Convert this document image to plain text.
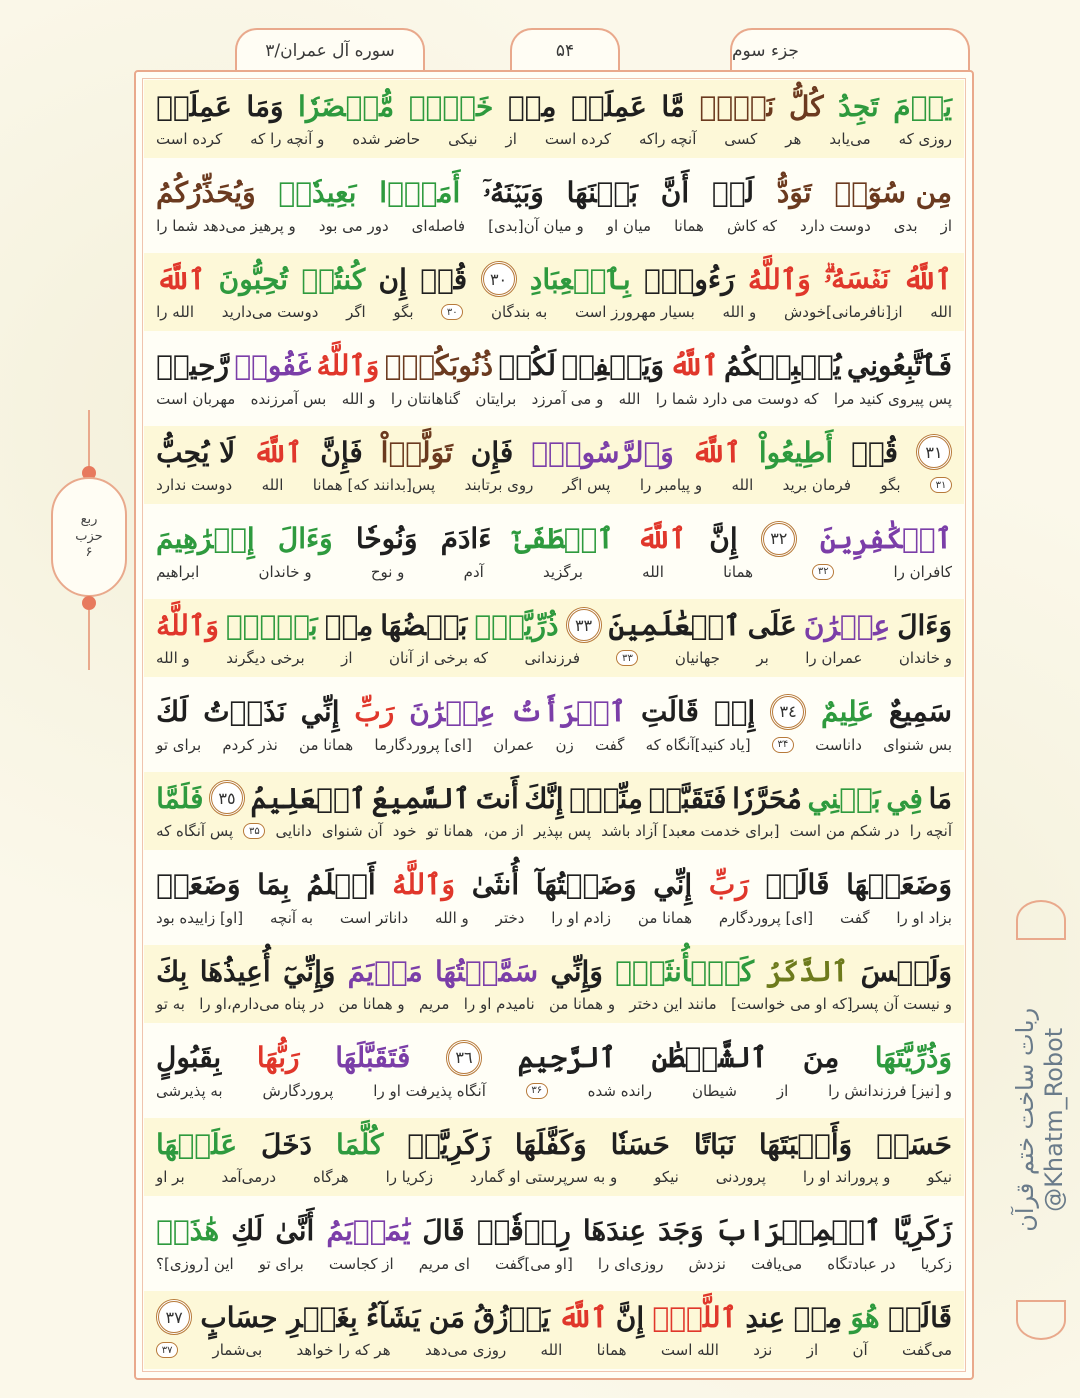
جزء سوم
۵۴
سوره آل عمران/۳
ربع
حزب
۶
يَوۡمَ
تَجِدُ
كُلُّ
نَفۡسٖ
مَّا
عَمِلَتۡ
مِنۡ
خَيۡرٖ
مُّحۡضَرٗا
وَمَا
عَمِلَتۡ
روزی که
می‌یابد
هر
کسی
آنچه راکه
کرده است
از
نیکی
حاضر شده
و آنچه را که
کرده است
مِن سُوٓءٖ
تَوَدُّ
لَوۡ
أَنَّ
بَيۡنَهَا
وَبَيۡنَهُۥٓ
أَمَدَۢا
بَعِيدٗاۗ
وَيُحَذِّرُكُمُ
از
بدی
دوست دارد
که کاش
همانا
میان او
و میان آن[بدی]
فاصله‌ای
دور می بود
و پرهیز می‌دهد شما را
ٱللَّهُ
نَفۡسَهُۥۗ
وَٱللَّهُ
رَءُوفُۢ
بِٱلۡعِبَادِ
٣٠
قُلۡ
إِن
كُنتُمۡ
تُحِبُّونَ
ٱللَّهَ
الله
از[نافرمانی]خودش
و الله
بسیار مهرورز است
به بندگان
۳۰
بگو
اگر
دوست می‌دارید
الله را
فَٱتَّبِعُونِي
يُحۡبِبۡكُمُ
ٱللَّهُ
وَيَغۡفِرۡ
لَكُمۡ
ذُنُوبَكُمۡۚ
وَٱللَّهُ
غَفُورٞ
رَّحِيمٞ
پس پیروی کنید مرا
که دوست می دارد شما را
الله
و می آمرزد
برایتان
گناهانتان را
و الله
بس آمرزنده
مهربان است
٣١
قُلۡ
أَطِيعُواْ
ٱللَّهَ
وَٱلرَّسُولَۖ
فَإِن
تَوَلَّوۡاْ
فَإِنَّ
ٱللَّهَ
لَا يُحِبُّ
۳۱
بگو
فرمان برید
الله
و پیامبر را
پس اگر
روی برتابند
پس[بدانند که] همانا
الله
دوست ندارد
ٱلۡكَٰفِرِينَ
٣٢
إِنَّ
ٱللَّهَ
ٱصۡطَفَىٰٓ
ءَادَمَ
وَنُوحٗا
وَءَالَ
إِبۡرَٰهِيمَ
کافران را
۳۲
همانا
الله
برگزید
آدم
و نوح
و خاندان
ابراهیم
وَءَالَ
عِمۡرَٰنَ
عَلَى
ٱلۡعَٰلَمِينَ
٣٣
ذُرِّيَّةَۢ
بَعۡضُهَا
مِنۢ
بَعۡضٖۗ
وَٱللَّهُ
و خاندان
عمران را
بر
جهانیان
۳۳
فرزندانی
که برخی از آنان
از
برخی دیگرند
و الله
سَمِيعٌ
عَلِيمٌ
٣٤
إِذۡ
قَالَتِ
ٱمۡرَأَتُ
عِمۡرَٰنَ
رَبِّ
إِنِّي
نَذَرۡتُ
لَكَ
بس شنوای
داناست
۳۴
[یاد کنید]آنگاه که
گفت
زن
عمران
[ای] پروردگارما
همانا من
نذر کردم
برای تو
مَا
فِي
بَطۡنِي
مُحَرَّرٗا
فَتَقَبَّلۡ
مِنِّيٓۖ
إِنَّكَ
أَنتَ
ٱلسَّمِيعُ
ٱلۡعَلِيمُ
٣٥
فَلَمَّا
آنچه را
در شکم من است
[برای خدمت معبد] آزاد باشد
پس بپذیر
از من،
همانا تو
خود
آن شنوای
دانایی
۳۵
پس آنگاه که
وَضَعَتۡهَا
قَالَتۡ
رَبِّ
إِنِّي
وَضَعۡتُهَآ
أُنثَىٰ
وَٱللَّهُ
أَعۡلَمُ
بِمَا
وَضَعَتۡ
بزاد او را
گفت
[ای] پروردگارم
همانا من
زادم او را
دختر
و الله
داناتر است
به آنچه
[او] زاییده بود
وَلَيۡسَ
ٱلذَّكَرُ
كَٱلۡأُنثَىٰۖ
وَإِنِّي
سَمَّيۡتُهَا
مَرۡيَمَ
وَإِنِّيٓ
أُعِيذُهَا
بِكَ
و نیست آن پسر[که او می خواست]
مانند این دختر
و همانا من
نامیدم او را
مریم
و همانا من
در پناه می‌دارم،او را
به تو
وَذُرِّيَّتَهَا
مِنَ
ٱلشَّيۡطَٰنِ
ٱلرَّجِيمِ
٣٦
فَتَقَبَّلَهَا
رَبُّهَا
بِقَبُولٍ
و [نیز] فرزندانش را
از
شیطان
رانده شده
۳۶
آنگاه پذیرفت او را
پروردگارش
به پذیرشی
حَسَنٖ
وَأَنۢبَتَهَا
نَبَاتًا
حَسَنٗا
وَكَفَّلَهَا
زَكَرِيَّاۖ
كُلَّمَا
دَخَلَ
عَلَيۡهَا
نیکو
و پروراند او را
پروردنی
نیکو
و به سرپرستی او گمارد
زکریا را
هرگاه
درمی‌آمد
بر او
زَكَرِيَّا
ٱلۡمِحۡرَابَ
وَجَدَ
عِندَهَا
رِزۡقٗاۖ
قَالَ
يَٰمَرۡيَمُ
أَنَّىٰ
لَكِ
هَٰذَاۖ
زکریا
در عبادتگاه
می‌یافت
نزدش
روزی‌ای را
[او می‌]گفت
ای مریم
از کجاست
برای تو
این [روزی]؟
قَالَتۡ
هُوَ
مِنۡ
عِندِ
ٱللَّهِۖ
إِنَّ
ٱللَّهَ
يَرۡزُقُ
مَن
يَشَآءُ
بِغَيۡرِ حِسَابٍ
٣٧
می‌گفت
آن
از
نزد
الله است
همانا
الله
روزی می‌دهد
هر که را خواهد
بی‌شمار
۳۷
ربات ساخت ختم قرآن @Khatm_Robot
